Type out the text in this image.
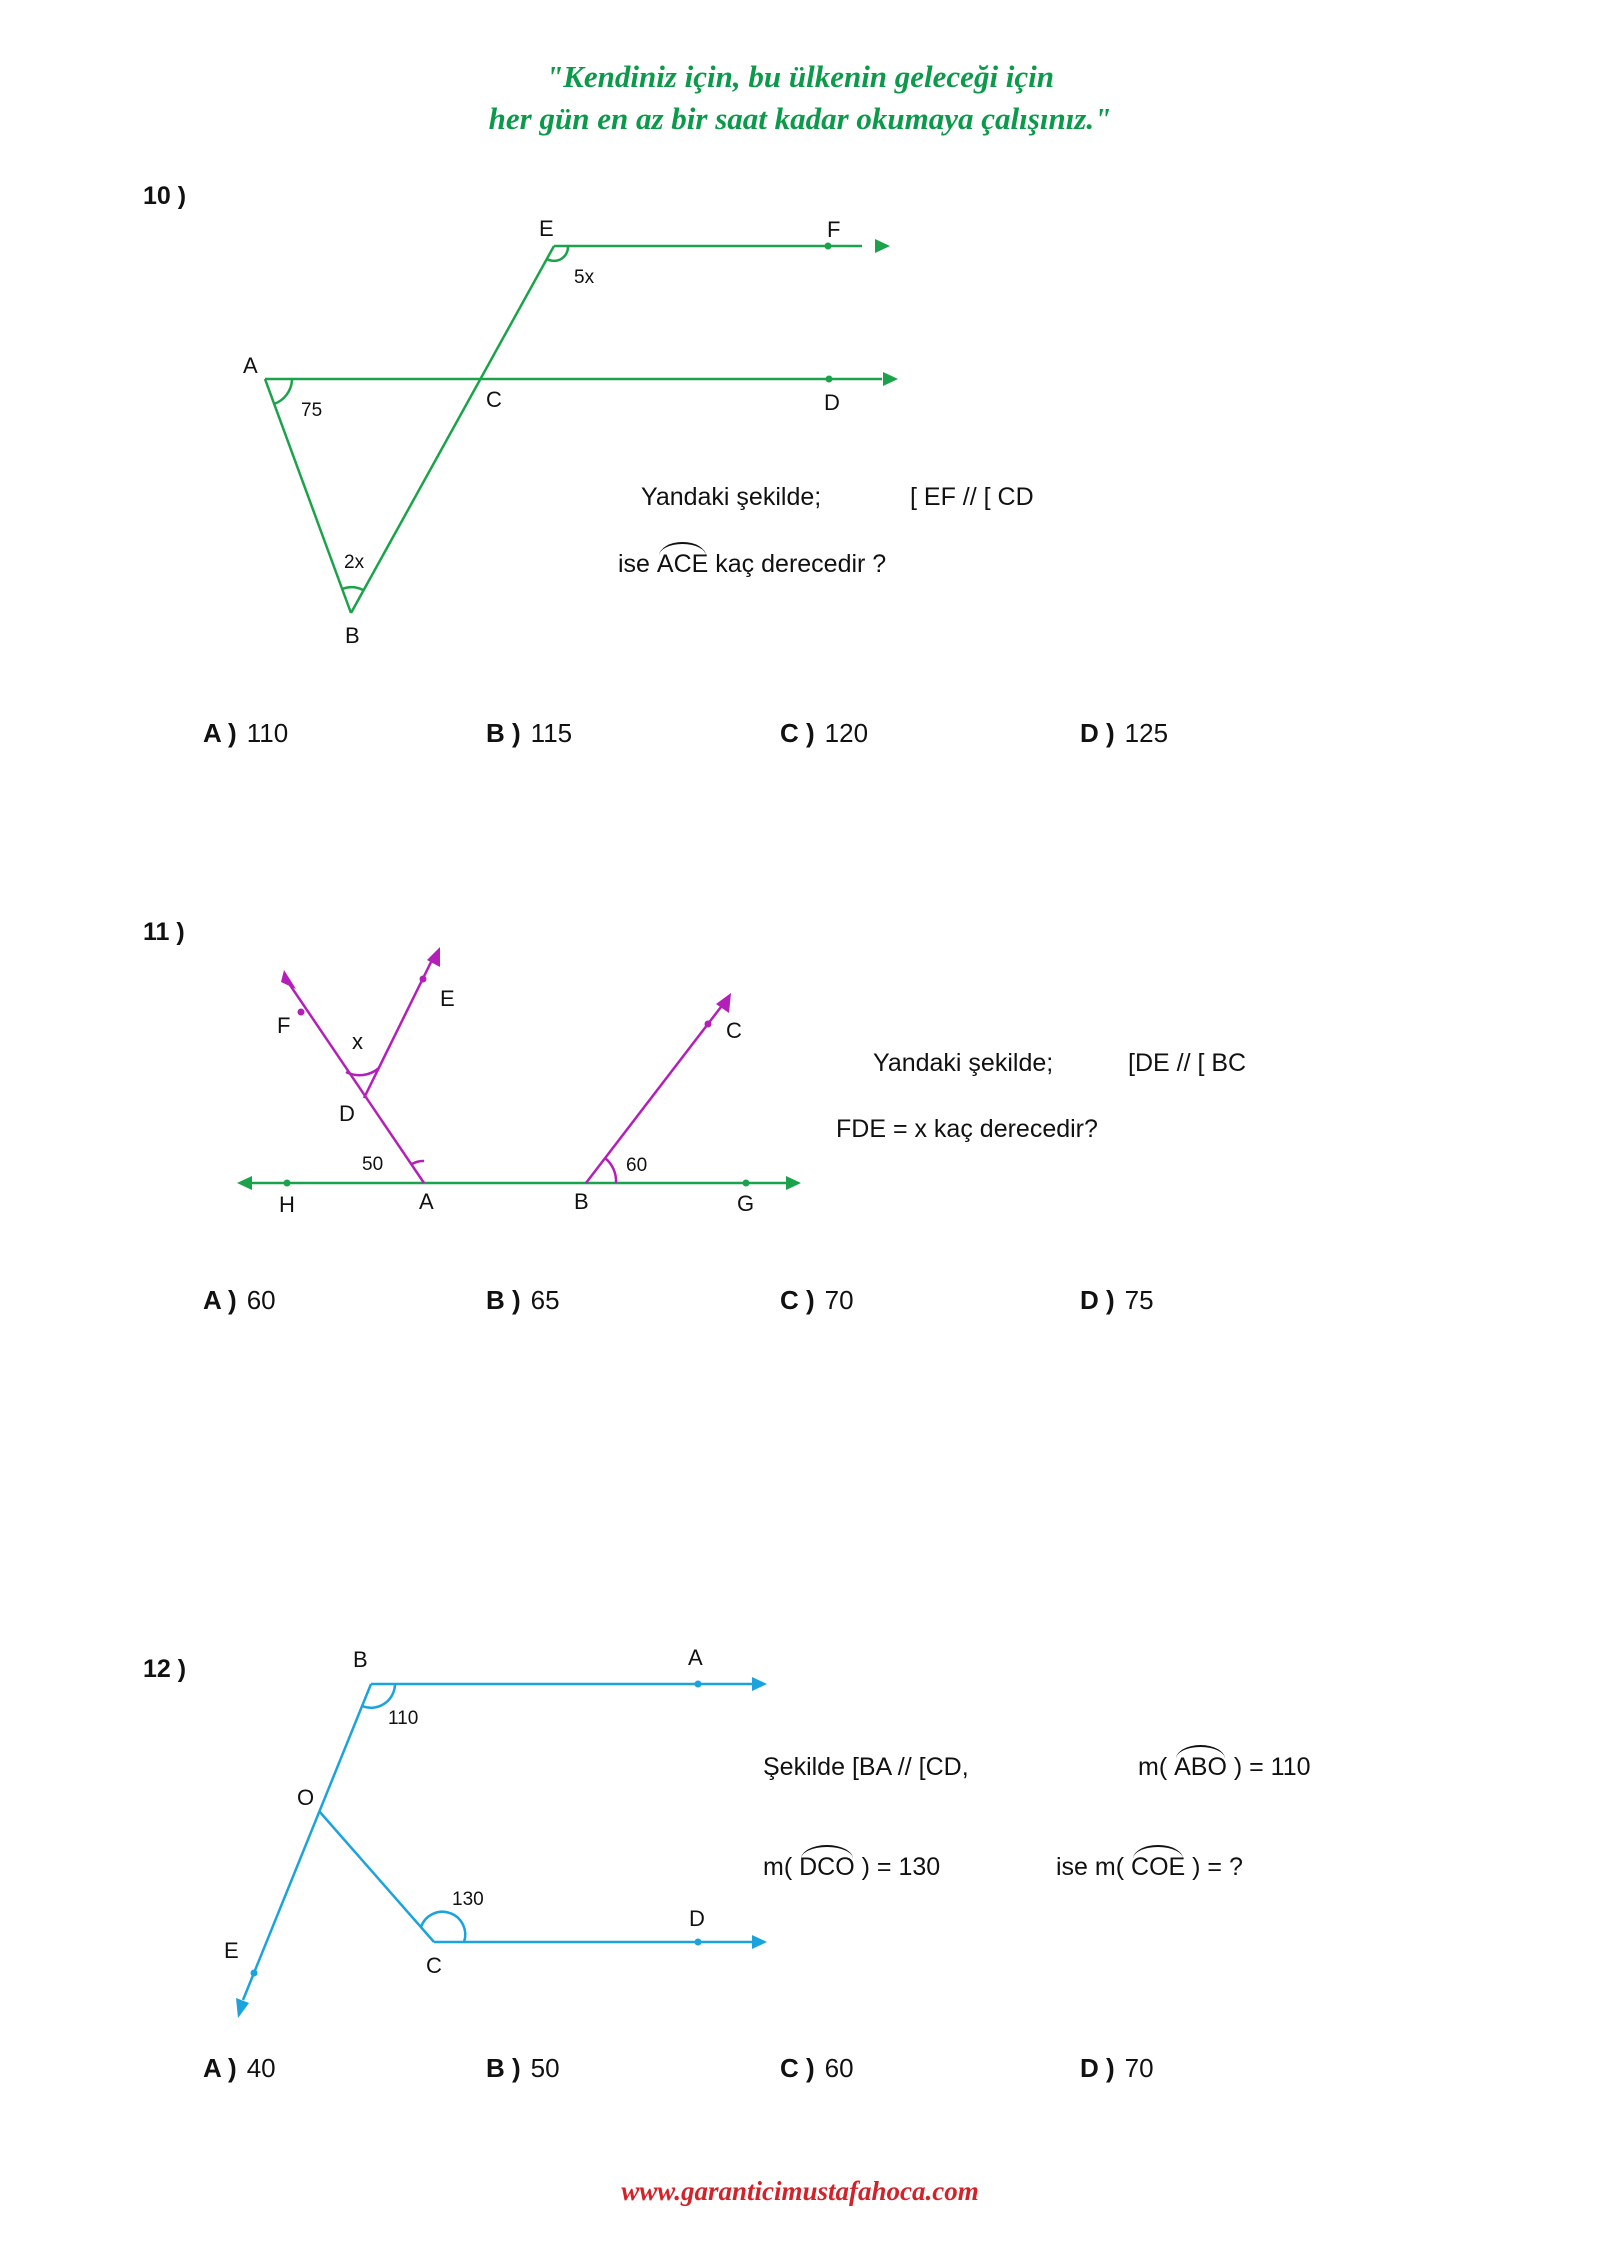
"Kendiniz için, bu ülkenin geleceği için
her gün en az bir saat kadar okumaya çalışınız."
10 )
E	F
A
C	D
B
5x
75
2x
Yandaki şekilde;	[ EF // [ CD
ise ACE kaç derecedir ?
A ) 110	B ) 115	C ) 120	D ) 125
11 )
F
E
C
D
H	A	B	G
x
50	60
Yandaki şekilde;	[DE // [ BC
FDE = x kaç derecedir?
A ) 60	B ) 65	C ) 70	D ) 75
12 )	B	A
O
D
E
C
110
130
Şekilde [BA // [CD,	m( ABO ) = 110
m( DCO ) = 130	ise m( COE ) = ?
A ) 40	B ) 50	C ) 60	D ) 70
www.garanticimustafahoca.com
